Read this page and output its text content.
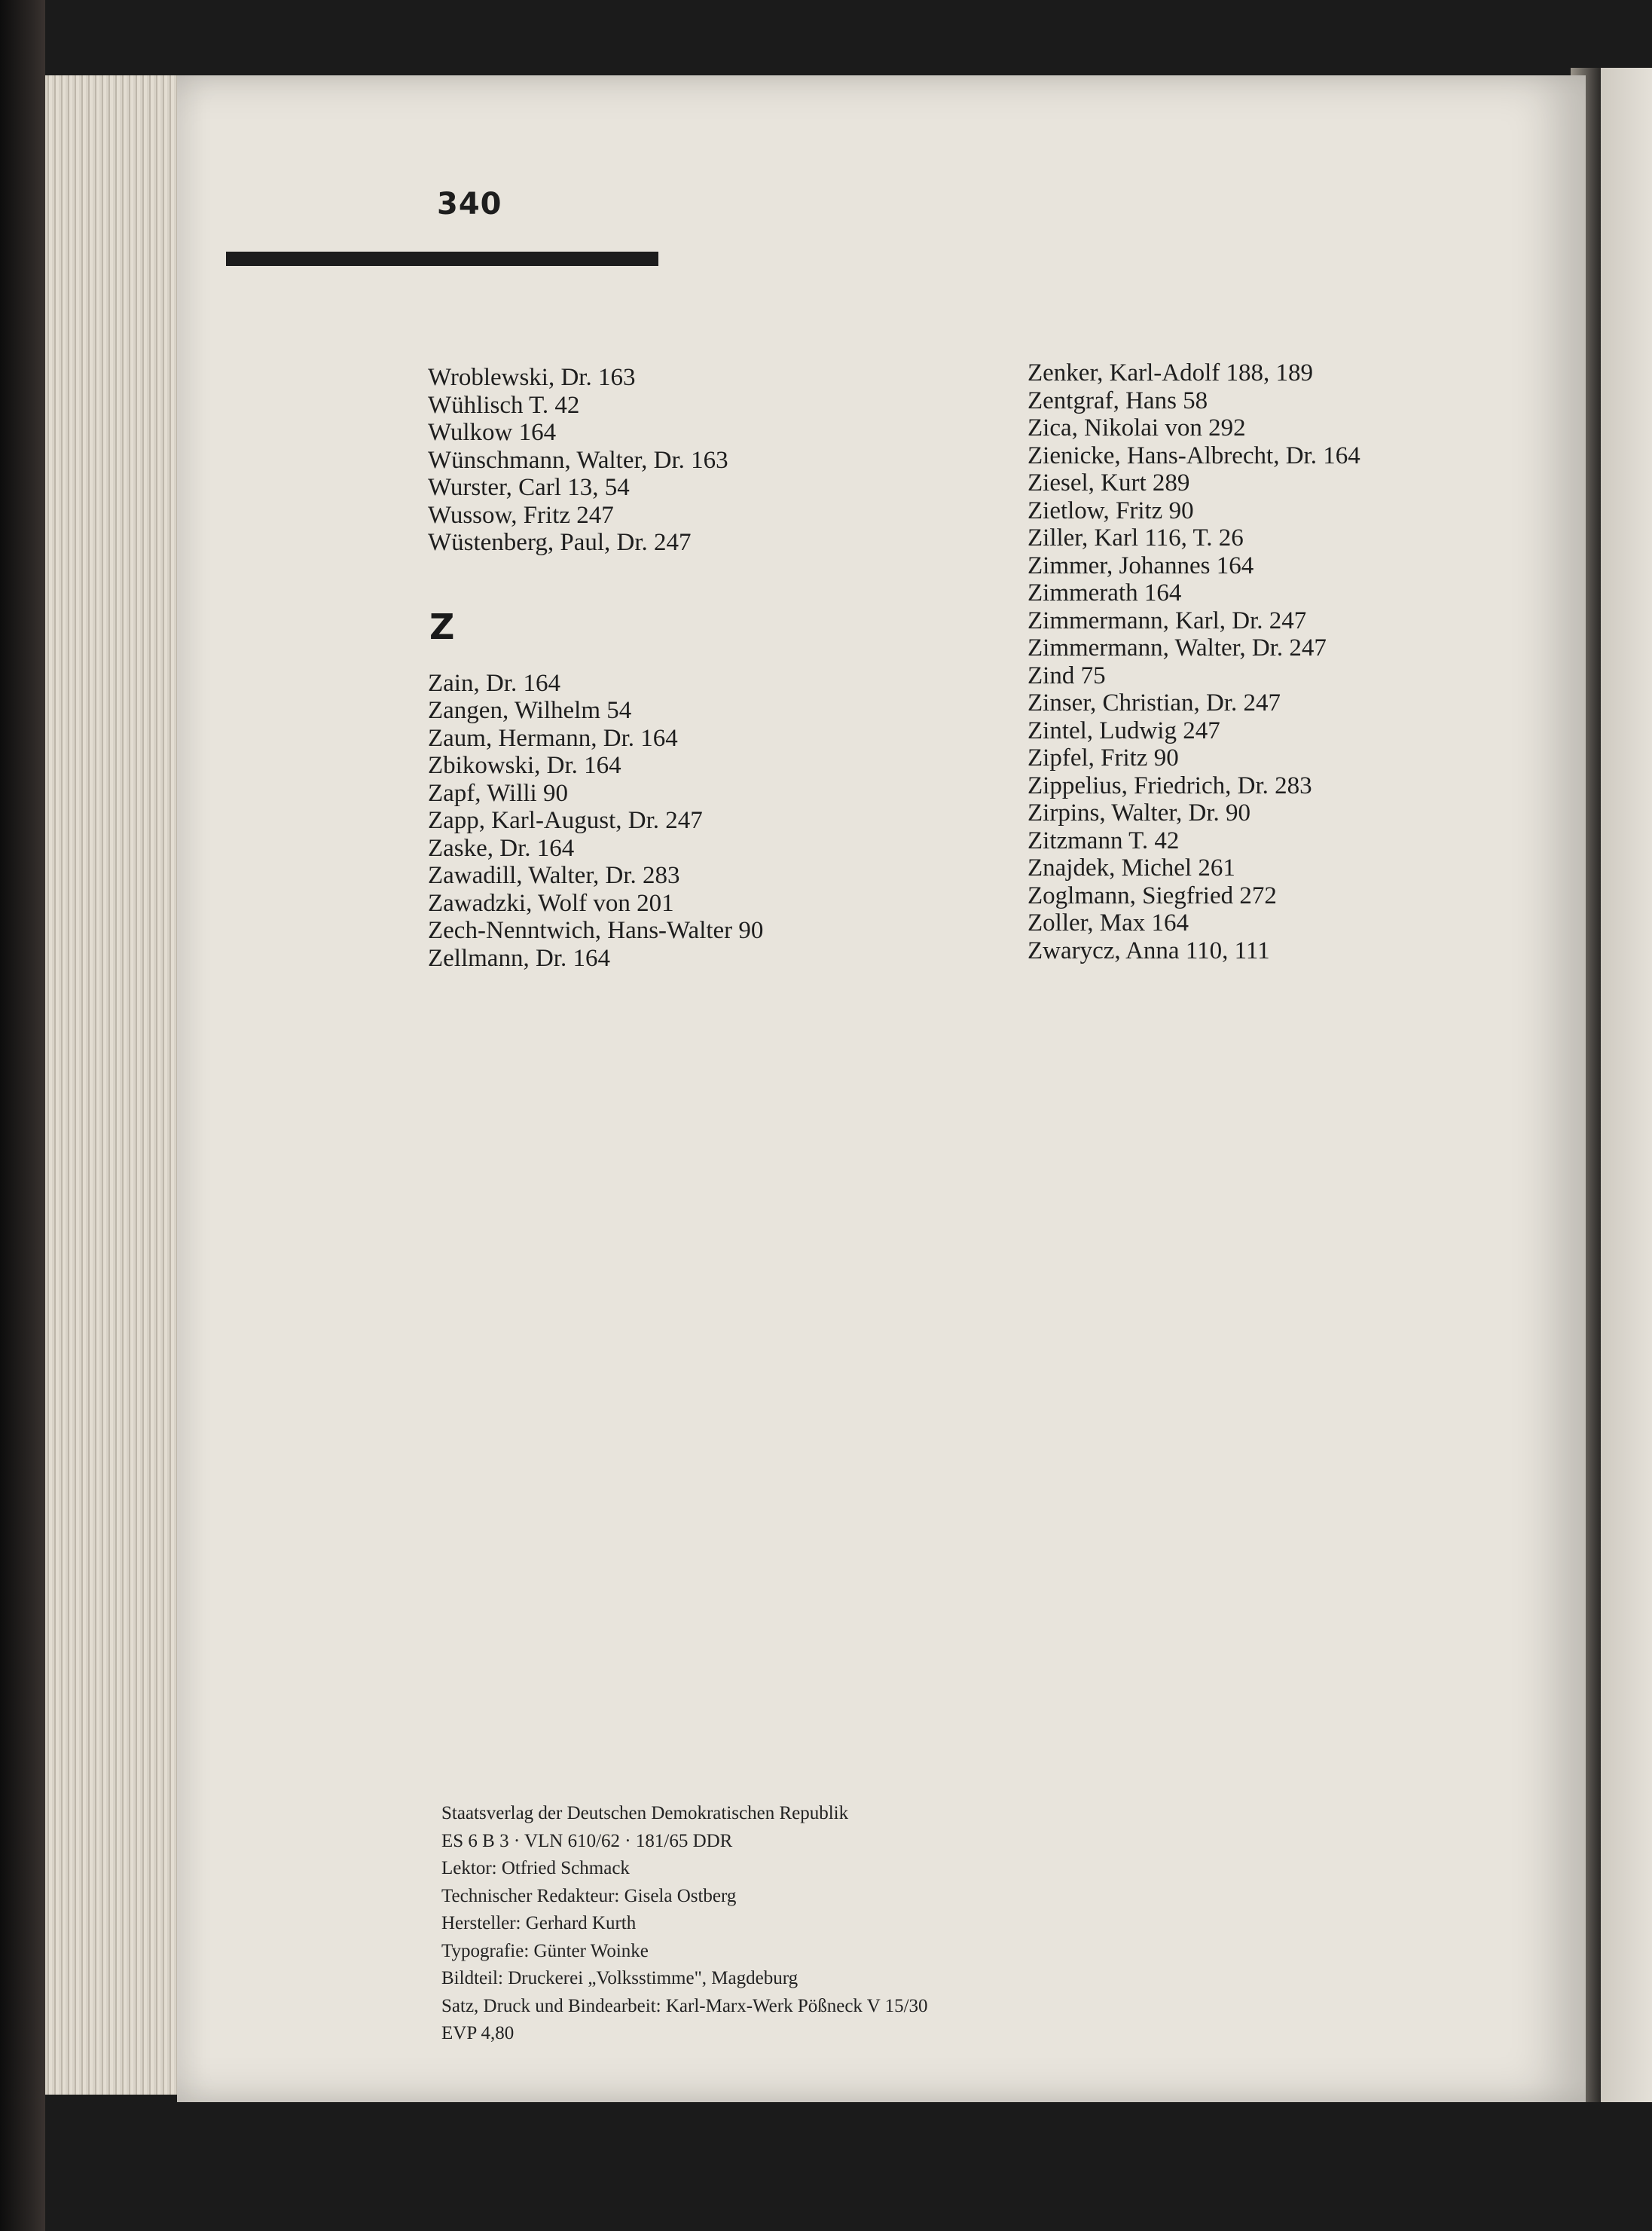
340
Wroblewski, Dr. 163
Wühlisch T. 42
Wulkow 164
Wünschmann, Walter, Dr. 163
Wurster, Carl 13, 54
Wussow, Fritz 247
Wüstenberg, Paul, Dr. 247
Z
Zain, Dr. 164
Zangen, Wilhelm 54
Zaum, Hermann, Dr. 164
Zbikowski, Dr. 164
Zapf, Willi 90
Zapp, Karl-August, Dr. 247
Zaske, Dr. 164
Zawadill, Walter, Dr. 283
Zawadzki, Wolf von 201
Zech-Nenntwich, Hans-Walter 90
Zellmann, Dr. 164
Zenker, Karl-Adolf 188, 189
Zentgraf, Hans 58
Zica, Nikolai von 292
Zienicke, Hans-Albrecht, Dr. 164
Ziesel, Kurt 289
Zietlow, Fritz 90
Ziller, Karl 116, T. 26
Zimmer, Johannes 164
Zimmerath 164
Zimmermann, Karl, Dr. 247
Zimmermann, Walter, Dr. 247
Zind 75
Zinser, Christian, Dr. 247
Zintel, Ludwig 247
Zipfel, Fritz 90
Zippelius, Friedrich, Dr. 283
Zirpins, Walter, Dr. 90
Zitzmann T. 42
Znajdek, Michel 261
Zoglmann, Siegfried 272
Zoller, Max 164
Zwarycz, Anna 110, 111
Staatsverlag der Deutschen Demokratischen Republik
ES 6 B 3 · VLN 610/62 · 181/65 DDR
Lektor: Otfried Schmack
Technischer Redakteur: Gisela Ostberg
Hersteller: Gerhard Kurth
Typografie: Günter Woinke
Bildteil: Druckerei „Volksstimme", Magdeburg
Satz, Druck und Bindearbeit: Karl-Marx-Werk Pößneck V 15/30
EVP 4,80
